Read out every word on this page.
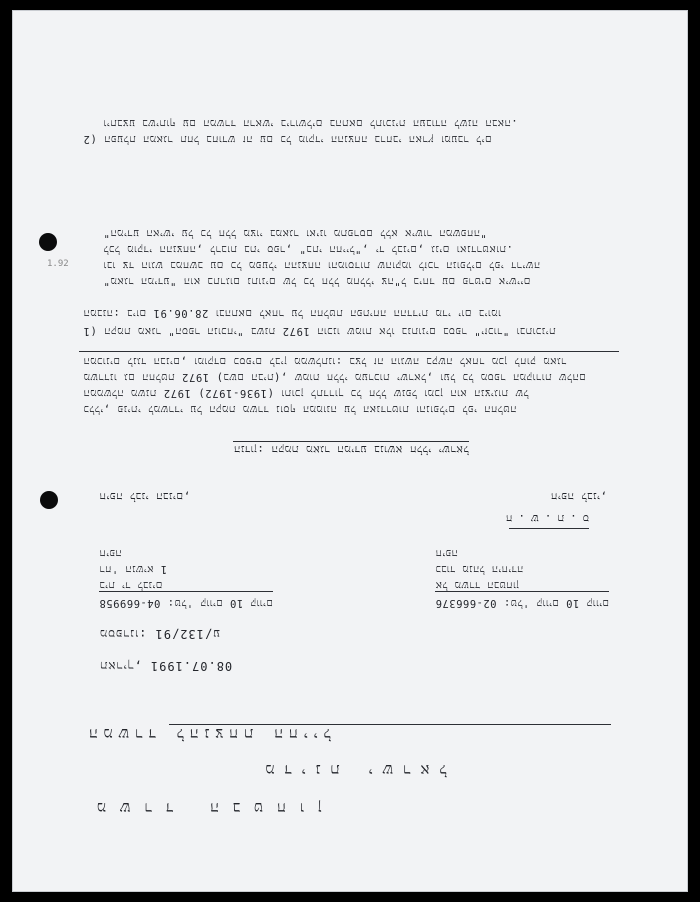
משרד הבטחון
מדינת ישראל
המשרד להנצחת החייל
תאריך, 08.07.1991
מספרנו:	132/91/ע
04-669958 :טל' קווים 10 קווים
בית יד לבנים
רח' הנשיא 1
חיפה
02-666376 :טל' קווים 10 קווים
אל משרד הבטחון
כבוד מנהל היחידה
חיפה
ח.ש.ת.ס
חיפה לבני הבנים,	חיפה לבני,
הנדון: הקמת מאגר המידע בנושא חללי ישראל
כללי, פניתי למשרדי על הקמת משרד נוסף הממונה על האנדרטות והנופלים לפי החלטה
הממשלה משנת 1972 (1936-1972) ותוכן לתדרוך כל חלל שנפל ומכן הוא הנציגות של
משרדנו גם החלטת 1972 (בשם הבית), שמות חללי מערכות ישראל, ועל כל מספר המקורות שלהם
המכונים לנגד הבנים, ומוקדם כספים לבין ממשלתנו: בצל זה הוגשה בקשה לאחר מכן לחוק מאגר
1) הקמת מאגר "הספר הנוכחי" בשנת 1972 הוכנו שמות אלו בנתונים בספר "יזכור" ובתוכנית
המבנה: ביום 28.06.91 ובהתאם לאחר על החלטת הפתיחה ההדדית מדי יום ביומו
"מאגר המידע" הוא בתרגום נתונים של כל חלל מחללי צה"ל ביחד עם פרטים אישיים
ובו צד הוגש במחשב עם כל מפעלי ההנצחה והמוסדות שהוקמו לזכר הנופלים לפי דרישה
לכל מוקדי ההנצחה, לרבות בתי ספר, "בתי החייל", יד לבנים, גנים ואנדרטאות.
"המידע האישי על כל חלל מצוי במאגר ואינו מתפרסם ללא אישור המשפחה"
2) הפעלת המאגר תחל בחודש זה עם כל מוקדי ההנצחה ברחבי הארץ ומעבר לים
ויתבצע בשיתוף עם המשרד הראשי בירושלים בהתאם לתוכנית העבודה לשנה הבאה.
1.92
